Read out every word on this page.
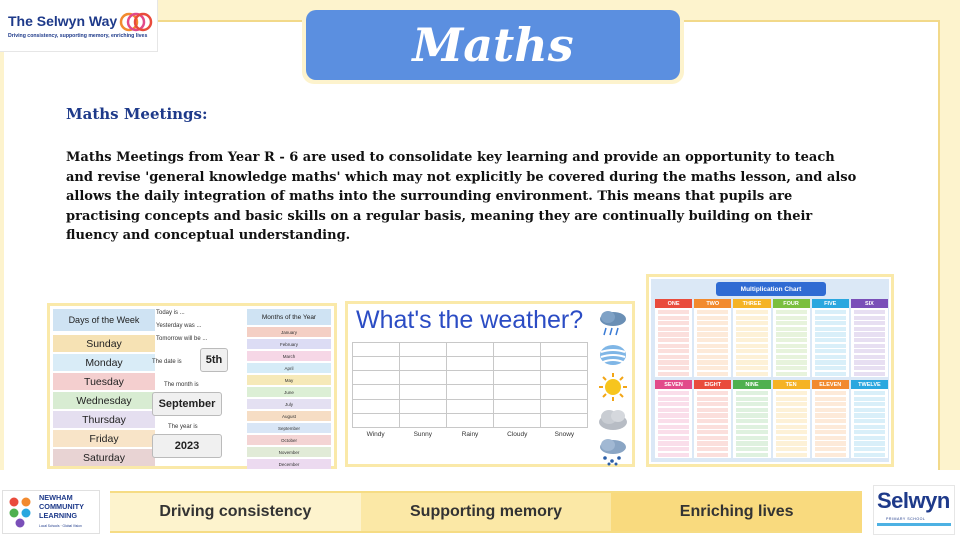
The Selwyn Way
Driving consistency, supporting memory, enriching lives	Maths
Maths Meetings:
Maths Meetings from Year R - 6 are used to consolidate key learning and provide an opportunity to teach and revise 'general knowledge maths' which may not explicitly be covered during the maths lesson, and also allows the daily integration of maths into the surrounding environment. This means that pupils are practising concepts and basic skills on a regular basis, meaning they are continually building on their fluency and conceptual understanding.
Days of the Week
Sunday
Monday
Tuesday
Wednesday
Thursday
Friday
Saturday
Today is ...
Yesterday was ...
Tomorrow will be ...
The date is	5th
The month is
September
The year is
2023
Months of the Year
January
February
March
April
May
June
July
August
September
October
November
December
What's the weather?

Windy	Sunny	Rainy	Cloudy	Snowy
Multiplication Chart
ONE	TWO	THREE	FOUR	FIVE	SIX
SEVEN	EIGHT	NINE	TEN	ELEVEN	TWELVE
NEWHAM
COMMUNITY
LEARNING
Local Schools · Global Vision
Driving consistency	Supporting memory	Enriching lives	Selwyn
PRIMARY SCHOOL
